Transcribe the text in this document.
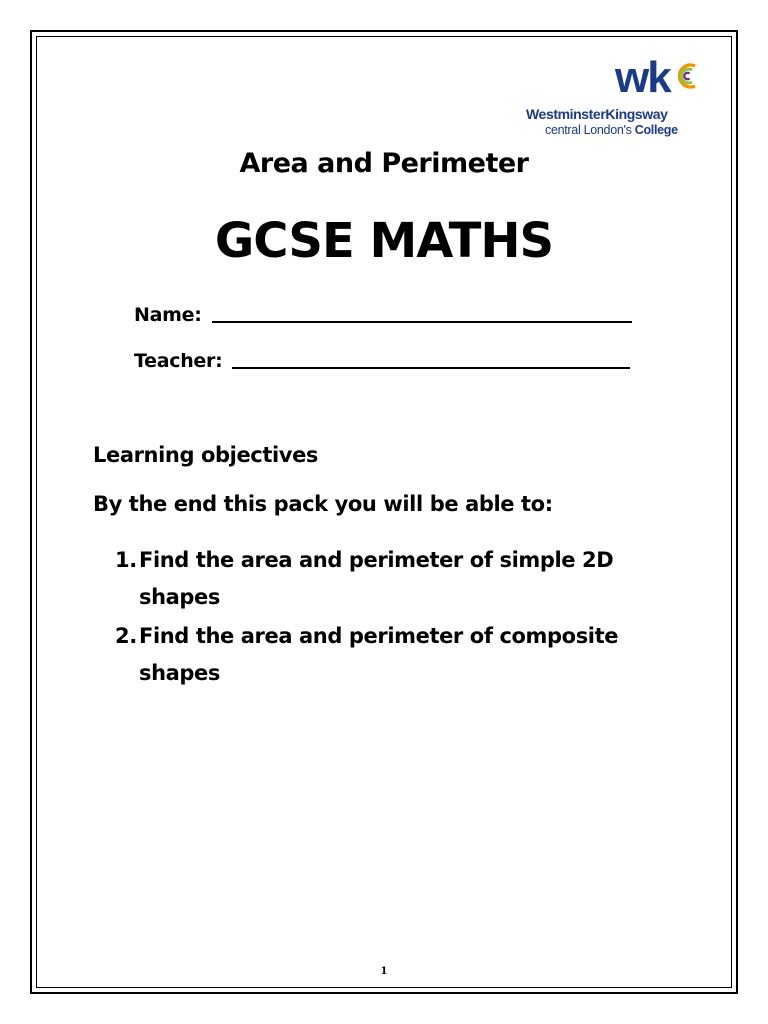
wk
WestminsterKingsway
central London's College
Area and Perimeter
GCSE MATHS
Name:
Teacher:
Learning objectives
By the end this pack you will be able to:
1. Find the area and perimeter of simple 2D shapes
2. Find the area and perimeter of composite shapes
1
